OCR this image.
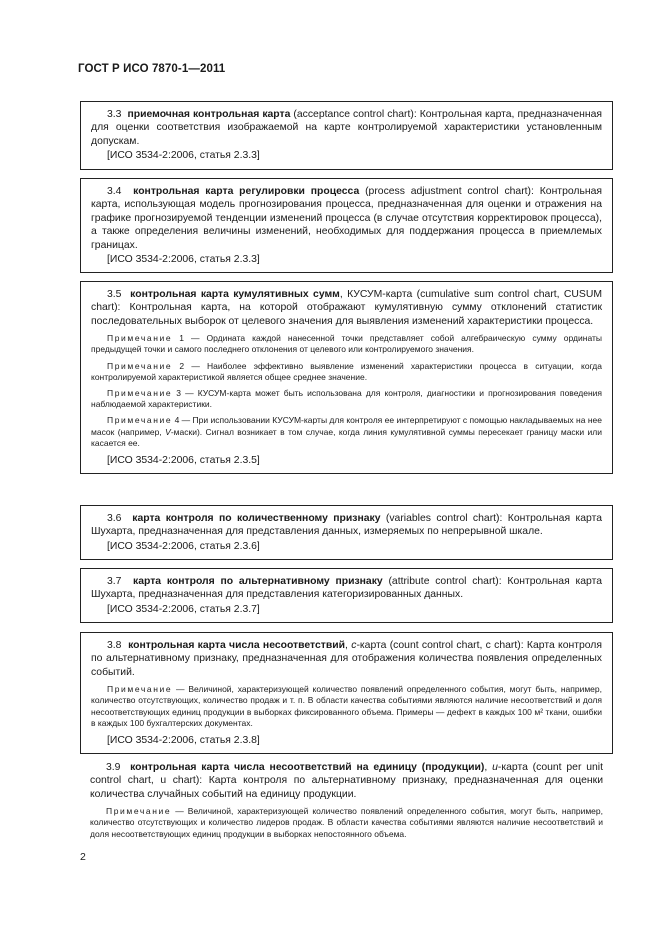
ГОСТ Р ИСО 7870-1—2011

3.3 приемочная контрольная карта (acceptance control chart): Контрольная карта, предназначенная для оценки соответствия изображаемой на карте контролируемой характеристики установленным допускам.

[ИСО 3534-2:2006, статья 2.3.3]

3.4 контрольная карта регулировки процесса (process adjustment control chart): Контрольная карта, использующая модель прогнозирования процесса, предназначенная для оценки и отражения на графике прогнозируемой тенденции изменений процесса (в случае отсутствия корректировок процесса), а также определения величины изменений, необходимых для поддержания процесса в приемлемых границах.

[ИСО 3534-2:2006, статья 2.3.3]

3.5 контрольная карта кумулятивных сумм, КУСУМ-карта (cumulative sum control chart, CUSUM chart): Контрольная карта, на которой отображают кумулятивную сумму отклонений статистик последовательных выборок от целевого значения для выявления изменений характеристики процесса.

Примечание 1 — Ордината каждой нанесенной точки представляет собой алгебраическую сумму ординаты предыдущей точки и самого последнего отклонения от целевого или контролируемого значения.

Примечание 2 — Наиболее эффективно выявление изменений характеристики процесса в ситуации, когда контролируемой характеристикой является общее среднее значение.

Примечание 3 — КУСУМ-карта может быть использована для контроля, диагностики и прогнозирования поведения наблюдаемой характеристики.

Примечание 4 — При использовании КУСУМ-карты для контроля ее интерпретируют с помощью накладываемых на нее масок (например, V-маски). Сигнал возникает в том случае, когда линия кумулятивной суммы пересекает границу маски или касается ее.

[ИСО 3534-2:2006, статья 2.3.5]

3.6 карта контроля по количественному признаку (variables control chart): Контрольная карта Шухарта, предназначенная для представления данных, измеряемых по непрерывной шкале.

[ИСО 3534-2:2006, статья 2.3.6]

3.7 карта контроля по альтернативному признаку (attribute control chart): Контрольная карта Шухарта, предназначенная для представления категоризированных данных.

[ИСО 3534-2:2006, статья 2.3.7]

3.8 контрольная карта числа несоответствий, c-карта (count control chart, c chart): Карта контроля по альтернативному признаку, предназначенная для отображения количества появления определенных событий.

Примечание — Величиной, характеризующей количество появлений определенного события, могут быть, например, количество отсутствующих, количество продаж и т. п. В области качества событиями являются наличие несоответствий и доля несоответствующих единиц продукции в выборках фиксированного объема. Примеры — дефект в каждых 100 м² ткани, ошибки в каждых 100 бухгалтерских документах.

[ИСО 3534-2:2006, статья 2.3.8]

3.9 контрольная карта числа несоответствий на единицу (продукции), u-карта (count per unit control chart, u chart): Карта контроля по альтернативному признаку, предназначенная для оценки количества случайных событий на единицу продукции.

Примечание — Величиной, характеризующей количество появлений определенного события, могут быть, например, количество отсутствующих и количество лидеров продаж. В области качества событиями являются наличие несоответствий и доля несоответствующих единиц продукции в выборках непостоянного объема.

2
